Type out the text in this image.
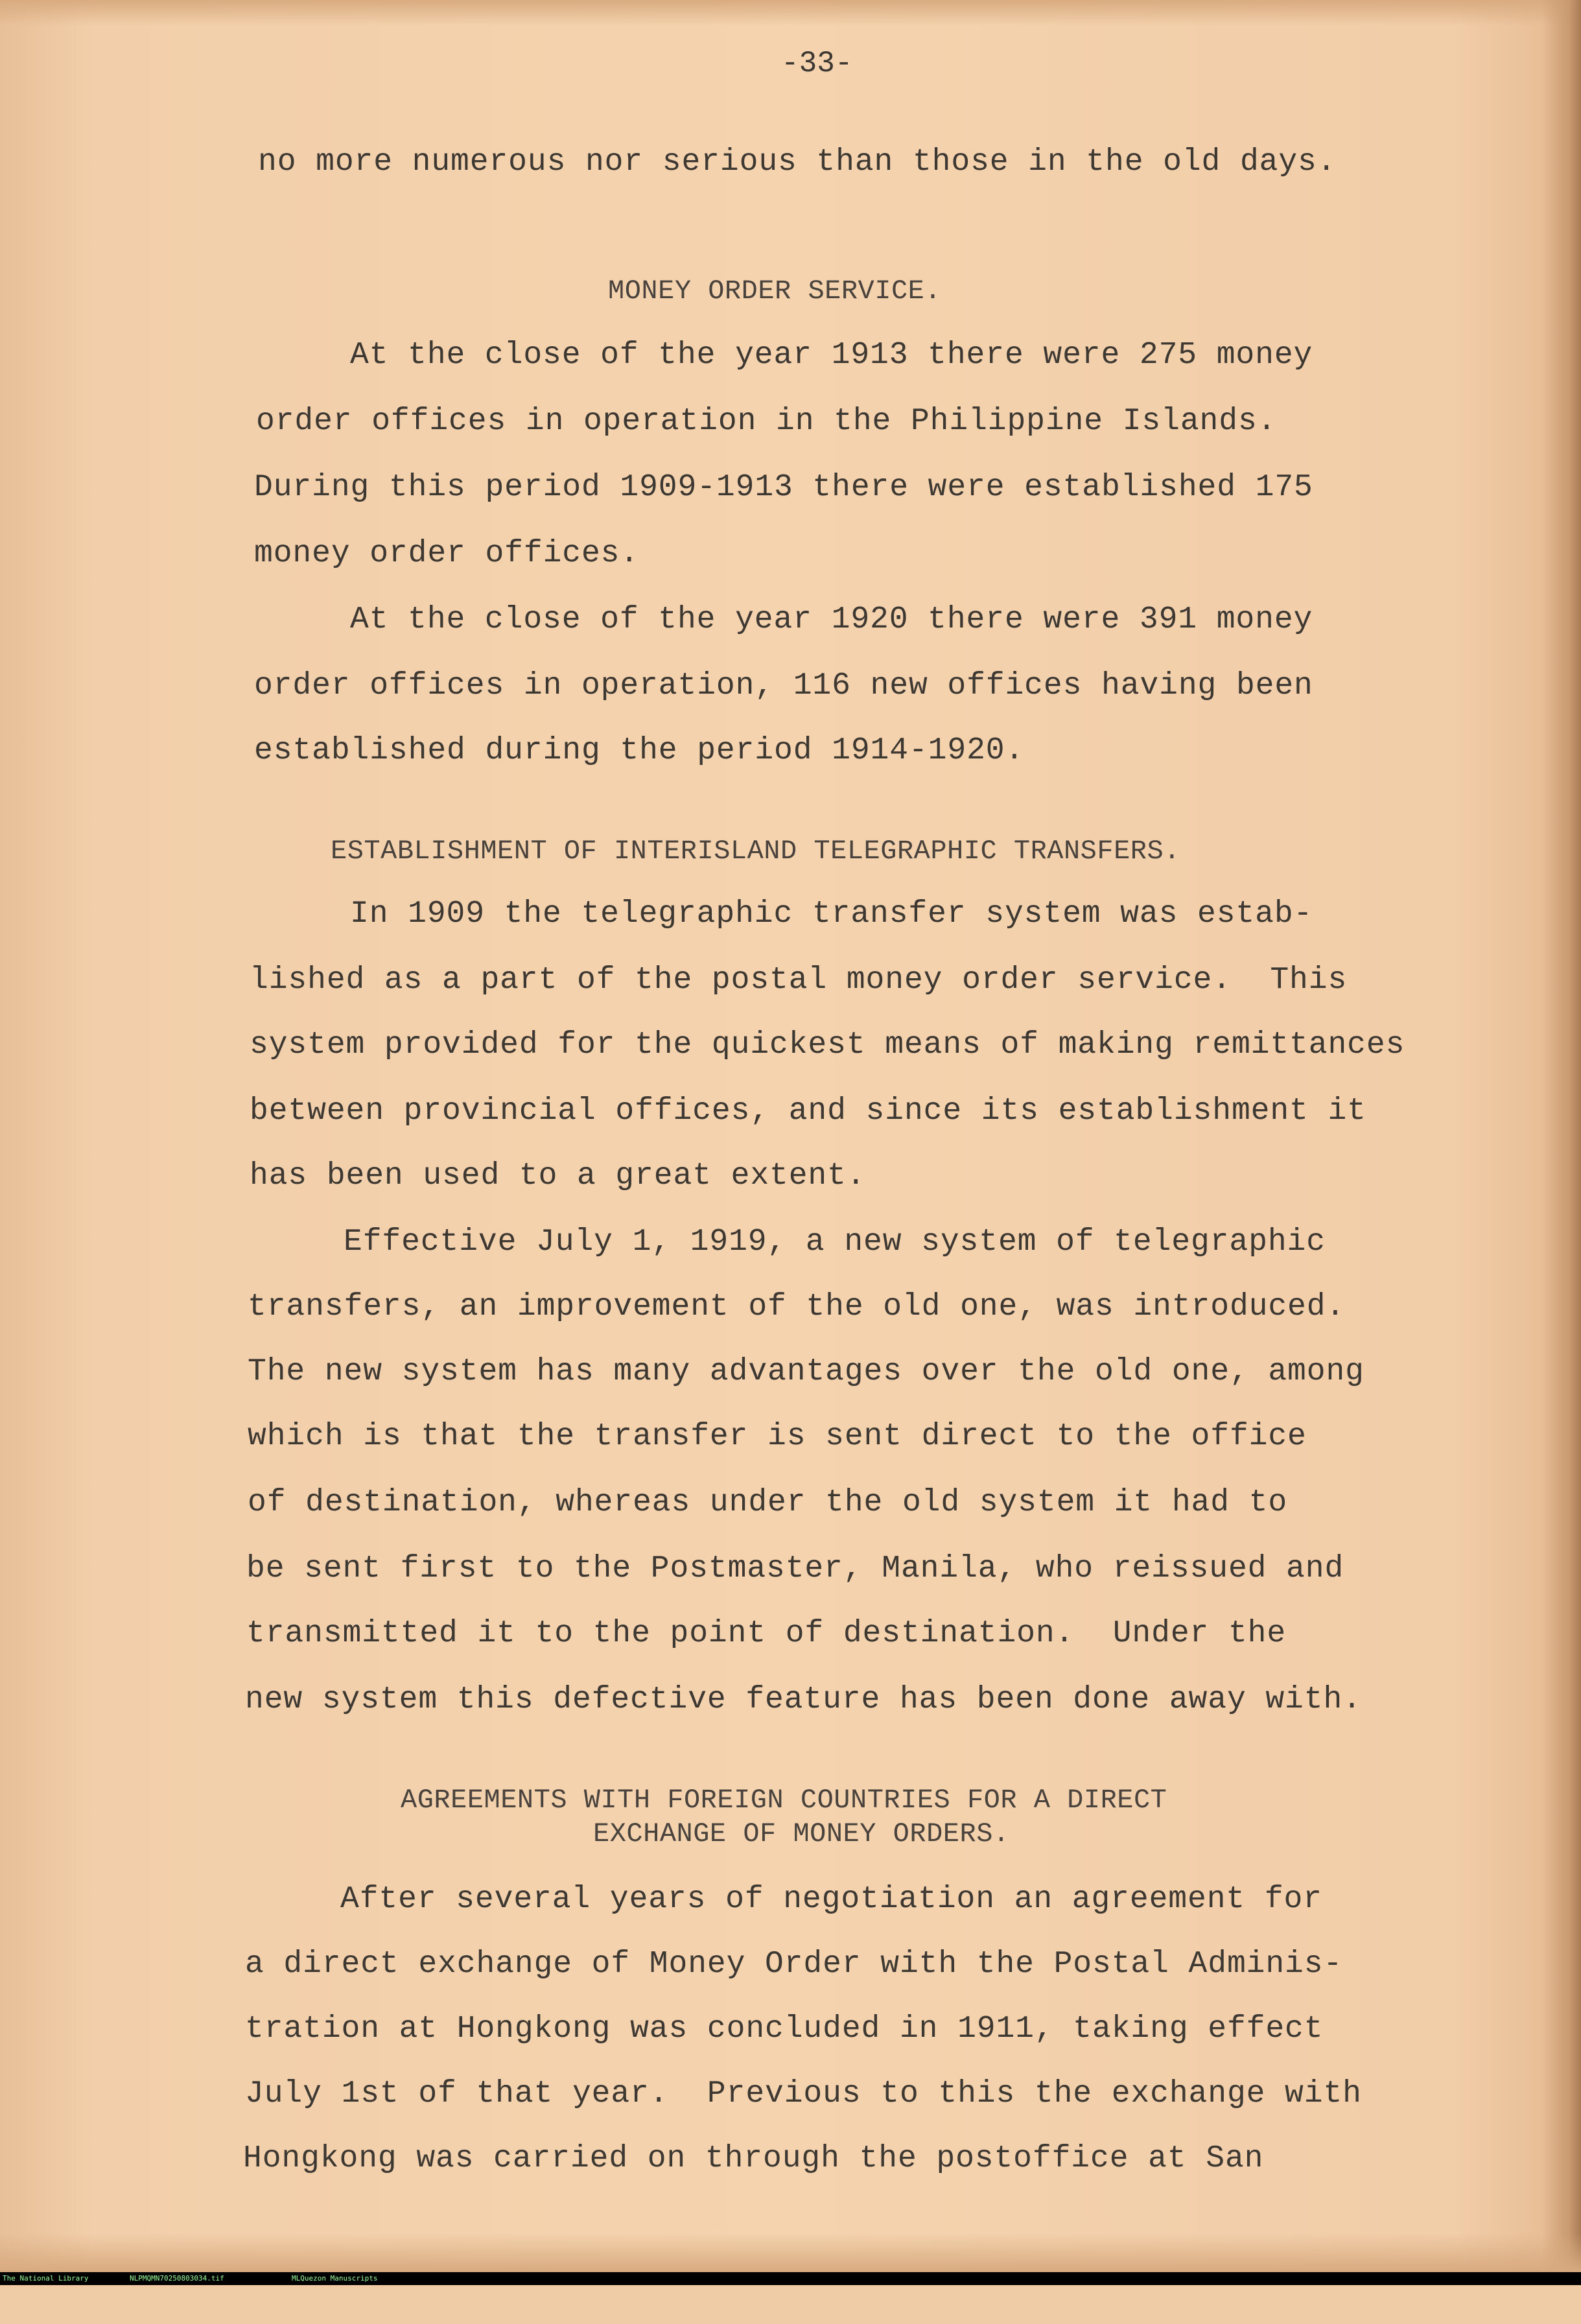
-33-
no more numerous nor serious than those in the old days.
MONEY ORDER SERVICE.
At the close of the year 1913 there were 275 money
order offices in operation in the Philippine Islands.
During this period 1909-1913 there were established 175
money order offices.
At the close of the year 1920 there were 391 money
order offices in operation, 116 new offices having been
established during the period 1914-1920.
ESTABLISHMENT OF INTERISLAND TELEGRAPHIC TRANSFERS.
In 1909 the telegraphic transfer system was estab-
lished as a part of the postal money order service.  This
system provided for the quickest means of making remittances
between provincial offices, and since its establishment it
has been used to a great extent.
Effective July 1, 1919, a new system of telegraphic
transfers, an improvement of the old one, was introduced.
The new system has many advantages over the old one, among
which is that the transfer is sent direct to the office
of destination, whereas under the old system it had to
be sent first to the Postmaster, Manila, who reissued and
transmitted it to the point of destination.  Under the
new system this defective feature has been done away with.
AGREEMENTS WITH FOREIGN COUNTRIES FOR A DIRECT
EXCHANGE OF MONEY ORDERS.
After several years of negotiation an agreement for
a direct exchange of Money Order with the Postal Adminis-
tration at Hongkong was concluded in 1911, taking effect
July 1st of that year.  Previous to this the exchange with
Hongkong was carried on through the postoffice at San

The National Library

	NLPMQMN70250803034.tif

	MLQuezon Manuscripts
